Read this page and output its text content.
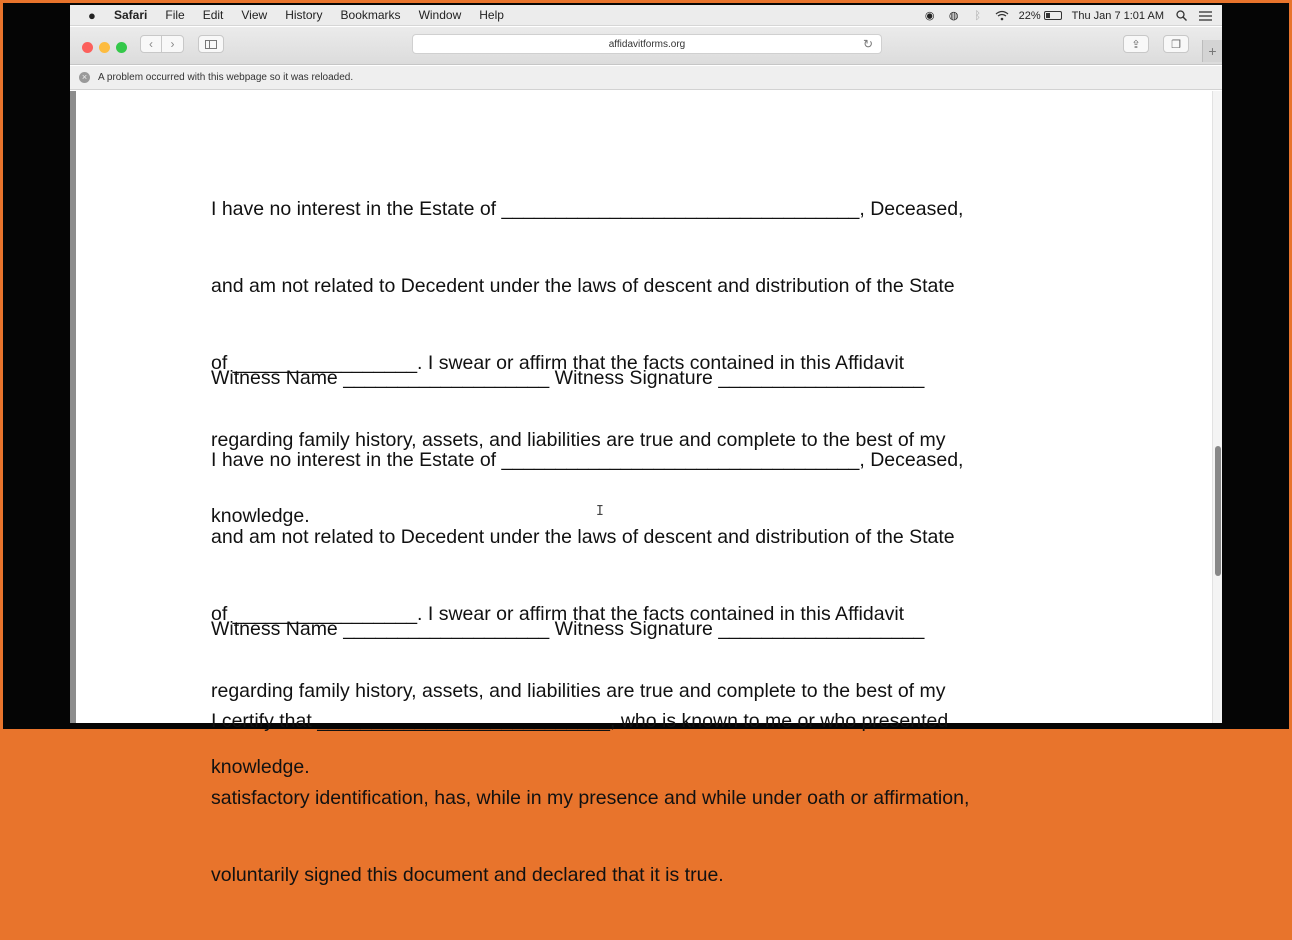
●	Safari File Edit View History Bookmarks Window Help	◉ ◍	ᛒ	22%	Thu Jan 7 1:01 AM
‹ ›	affidavitforms.org	↻	⇪	❐ +
× A problem occurred with this webpage so it was reloaded.

I have no interest in the Estate of _________________________________, Deceased,

and am not related to Decedent under the laws of descent and distribution of the State

of _________________. I swear or affirm that the facts contained in this Affidavit

regarding family history, assets, and liabilities are true and complete to the best of my

knowledge.

Witness Name ___________________ Witness Signature ___________________

I have no interest in the Estate of _________________________________, Deceased,

and am not related to Decedent under the laws of descent and distribution of the State

of _________________. I swear or affirm that the facts contained in this Affidavit

regarding family history, assets, and liabilities are true and complete to the best of my

knowledge.

Witness Name ___________________ Witness Signature ___________________

I certify that ___________________________, who is known to me or who presented

satisfactory identification, has, while in my presence and while under oath or affirmation,

voluntarily signed this document and declared that it is true.

I
